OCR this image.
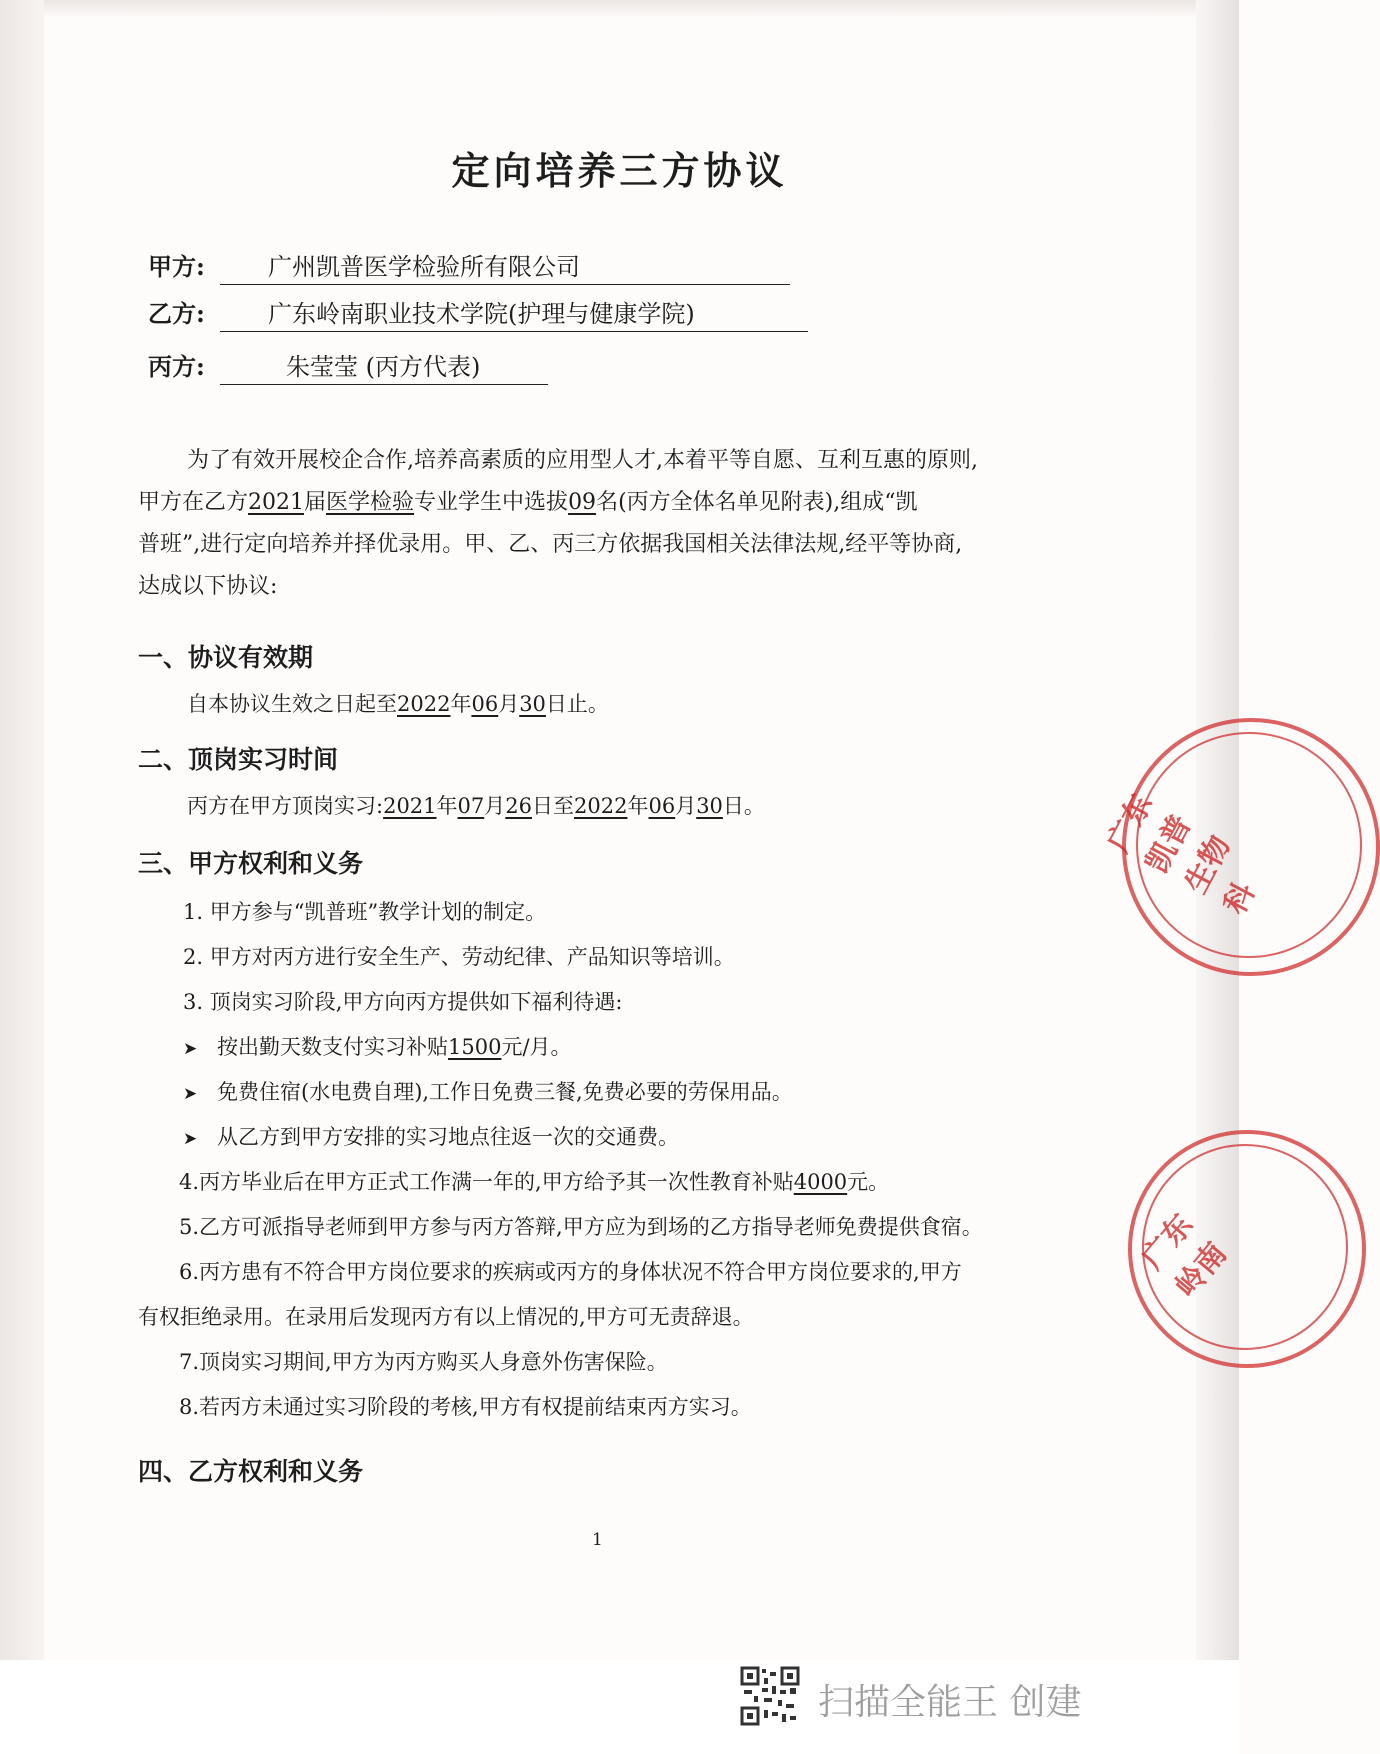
定向培养三方协议
甲方:	广州凯普医学检验所有限公司
乙方:	广东岭南职业技术学院(护理与健康学院)
丙方:	朱莹莹 (丙方代表)

为了有效开展校企合作,培养高素质的应用型人才,本着平等自愿、互利互惠的原则,

甲方在乙方2021届医学检验专业学生中选拔09名(丙方全体名单见附表),组成“凯

普班”,进行定向培养并择优录用。甲、乙、丙三方依据我国相关法律法规,经平等协商,

达成以下协议:

一、协议有效期
自本协议生效之日起至2022年06月30日止。
二、顶岗实习时间
丙方在甲方顶岗实习:2021年07月26日至2022年06月30日。
三、甲方权利和义务
1. 甲方参与“凯普班”教学计划的制定。
2. 甲方对丙方进行安全生产、劳动纪律、产品知识等培训。
3. 顶岗实习阶段,甲方向丙方提供如下福利待遇:
➤ 按出勤天数支付实习补贴1500元/月。
➤ 免费住宿(水电费自理),工作日免费三餐,免费必要的劳保用品。
➤ 从乙方到甲方安排的实习地点往返一次的交通费。
4.丙方毕业后在甲方正式工作满一年的,甲方给予其一次性教育补贴4000元。
5.乙方可派指导老师到甲方参与丙方答辩,甲方应为到场的乙方指导老师免费提供食宿。
6.丙方患有不符合甲方岗位要求的疾病或丙方的身体状况不符合甲方岗位要求的,甲方
有权拒绝录用。在录用后发现丙方有以上情况的,甲方可无责辞退。
7.顶岗实习期间,甲方为丙方购买人身意外伤害保险。
8.若丙方未通过实习阶段的考核,甲方有权提前结束丙方实习。
四、乙方权利和义务
1
广东凯普生物科
广东岭南
扫描全能王 创建
